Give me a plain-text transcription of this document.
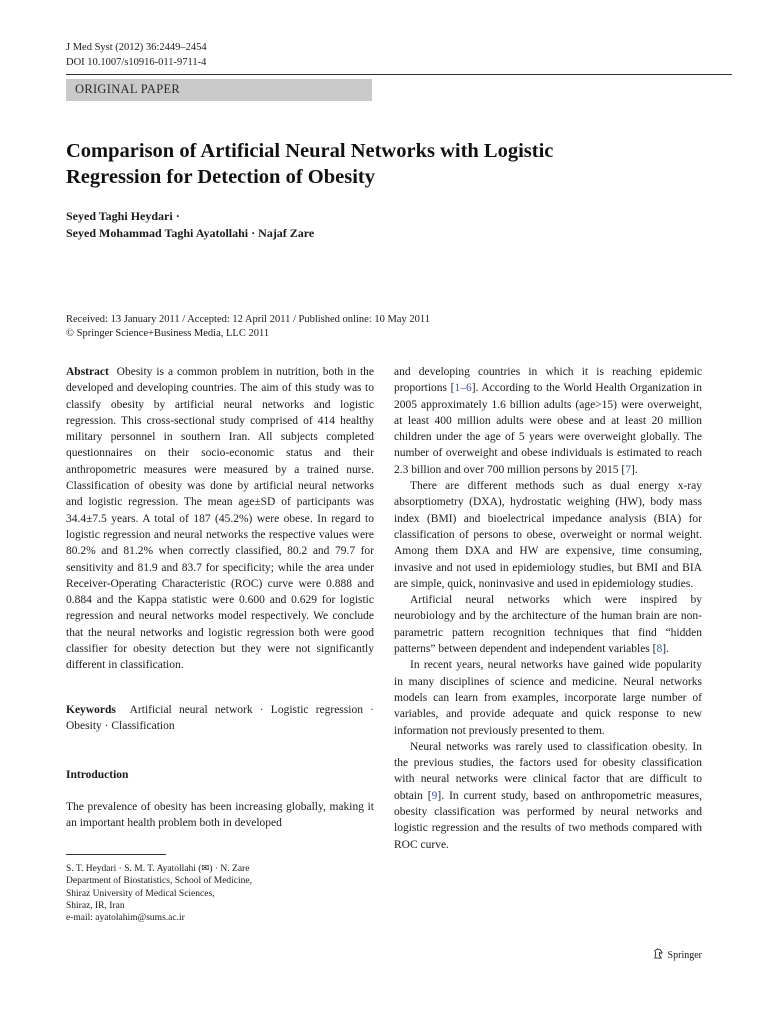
J Med Syst (2012) 36:2449–2454
DOI 10.1007/s10916-011-9711-4
ORIGINAL PAPER
Comparison of Artificial Neural Networks with Logistic
Regression for Detection of Obesity
Seyed Taghi Heydari ·
Seyed Mohammad Taghi Ayatollahi · Najaf Zare
Received: 13 January 2011 / Accepted: 12 April 2011 / Published online: 10 May 2011
© Springer Science+Business Media, LLC 2011

Abstract Obesity is a common problem in nutrition, both in the developed and developing countries. The aim of this study was to classify obesity by artificial neural networks and logistic regression. This cross-sectional study comprised of 414 healthy military personnel in southern Iran. All subjects completed questionnaires on their socio-economic status and their anthropometric measures were measured by a trained nurse. Classification of obesity was done by artificial neural networks and logistic regression. The mean age±SD of participants was 34.4±7.5 years. A total of 187 (45.2%) were obese. In regard to logistic regression and neural networks the respective values were 80.2% and 81.2% when correctly classified, 80.2 and 79.7 for sensitivity and 81.9 and 83.7 for specificity; while the area under Receiver-Operating Characteristic (ROC) curve were 0.888 and 0.884 and the Kappa statistic were 0.600 and 0.629 for logistic regression and neural networks model respectively. We conclude that the neural networks and logistic regression both were good classifier for obesity detection but they were not significantly different in classification.

Keywords Artificial neural network · Logistic regression · Obesity · Classification

Introduction

The prevalence of obesity has been increasing globally, making it an important health problem both in developed

S. T. Heydari · S. M. T. Ayatollahi (✉) · N. Zare
Department of Biostatistics, School of Medicine,
Shiraz University of Medical Sciences,
Shiraz, IR, Iran
e-mail: ayatolahim@sums.ac.ir

and developing countries in which it is reaching epidemic proportions [1–6]. According to the World Health Organization in 2005 approximately 1.6 billion adults (age>15) were overweight, at least 400 million adults were obese and at least 20 million children under the age of 5 years were overweight globally. The number of overweight and obese individuals is estimated to reach 2.3 billion and over 700 million persons by 2015 [7].

There are different methods such as dual energy x-ray absorptiometry (DXA), hydrostatic weighing (HW), body mass index (BMI) and bioelectrical impedance analysis (BIA) for classification of persons to obese, overweight or normal weight. Among them DXA and HW are expensive, time consuming, invasive and not used in epidemiology studies, but BMI and BIA are simple, quick, noninvasive and used in epidemiology studies.

Artificial neural networks which were inspired by neurobiology and by the architecture of the human brain are non-parametric pattern recognition techniques that find “hidden patterns” between dependent and independent variables [8].

In recent years, neural networks have gained wide popularity in many disciplines of science and medicine. Neural networks models can learn from examples, incorporate large number of variables, and provide adequate and quick response to new information not previously presented to them.

Neural networks was rarely used to classification obesity. In the previous studies, the factors used for obesity classification with neural networks were clinical factor that are difficult to obtain [9]. In current study, based on anthropometric measures, obesity classification was performed by neural networks and logistic regression and the results of two methods compared with ROC curve.

Springer
